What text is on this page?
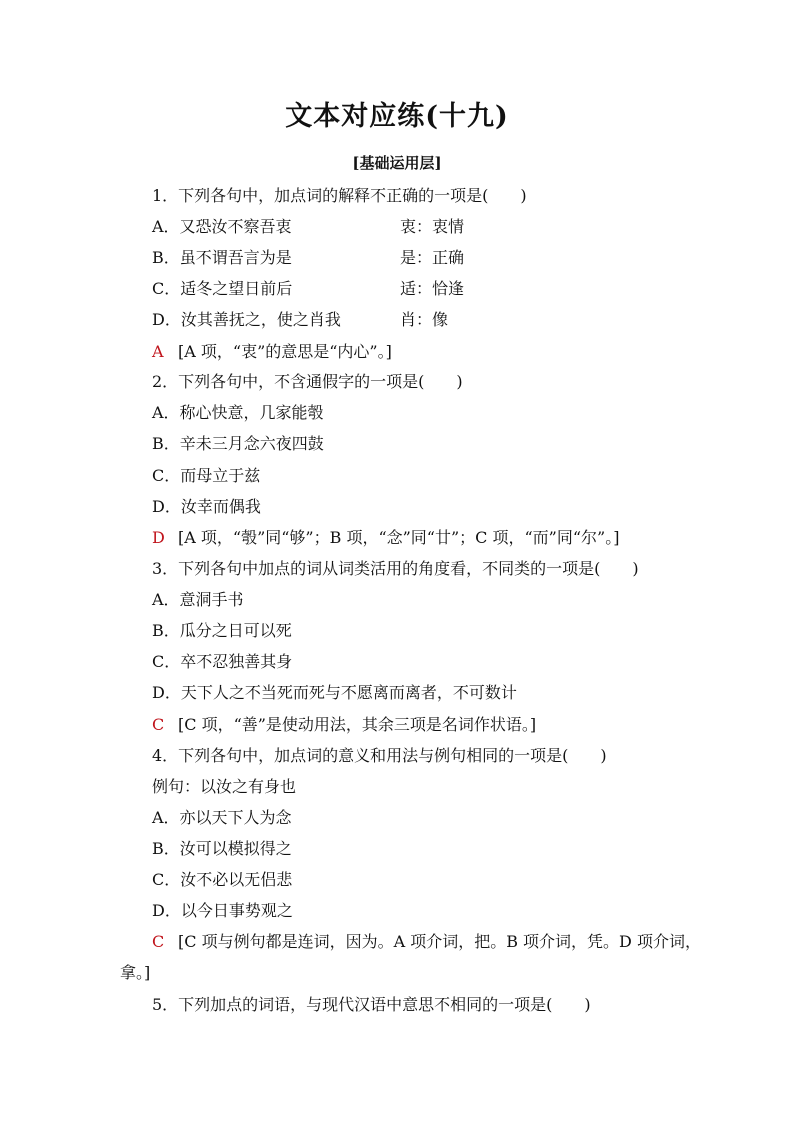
文本对应练(十九)
[基础运用层]
1．下列各句中，加点词的解释不正确的一项是(　　)
A．又恐汝不察吾衷	衷：衷情
B．虽不谓吾言为是	是：正确
C．适冬之望日前后	适：恰逢
D．汝其善抚之，使之肖我	肖：像
A [A 项，“衷”的意思是“内心”。]
2．下列各句中，不含通假字的一项是(　　)
A．称心快意，几家能彀
B．辛未三月念六夜四鼓
C．而母立于兹
D．汝幸而偶我
D [A 项，“彀”同“够”；B 项，“念”同“廿”；C 项，“而”同“尔”。]
3．下列各句中加点的词从词类活用的角度看，不同类的一项是(　　)
A．意洞手书
B．瓜分之日可以死
C．卒不忍独善其身
D．天下人之不当死而死与不愿离而离者，不可数计
C [C 项，“善”是使动用法，其余三项是名词作状语。]
4．下列各句中，加点词的意义和用法与例句相同的一项是(　　)
例句：以汝之有身也
A．亦以天下人为念
B．汝可以模拟得之
C．汝不必以无侣悲
D．以今日事势观之
C [C 项与例句都是连词，因为。A 项介词，把。B 项介词，凭。D 项介词，
拿。]
5．下列加点的词语，与现代汉语中意思不相同的一项是(　　)
